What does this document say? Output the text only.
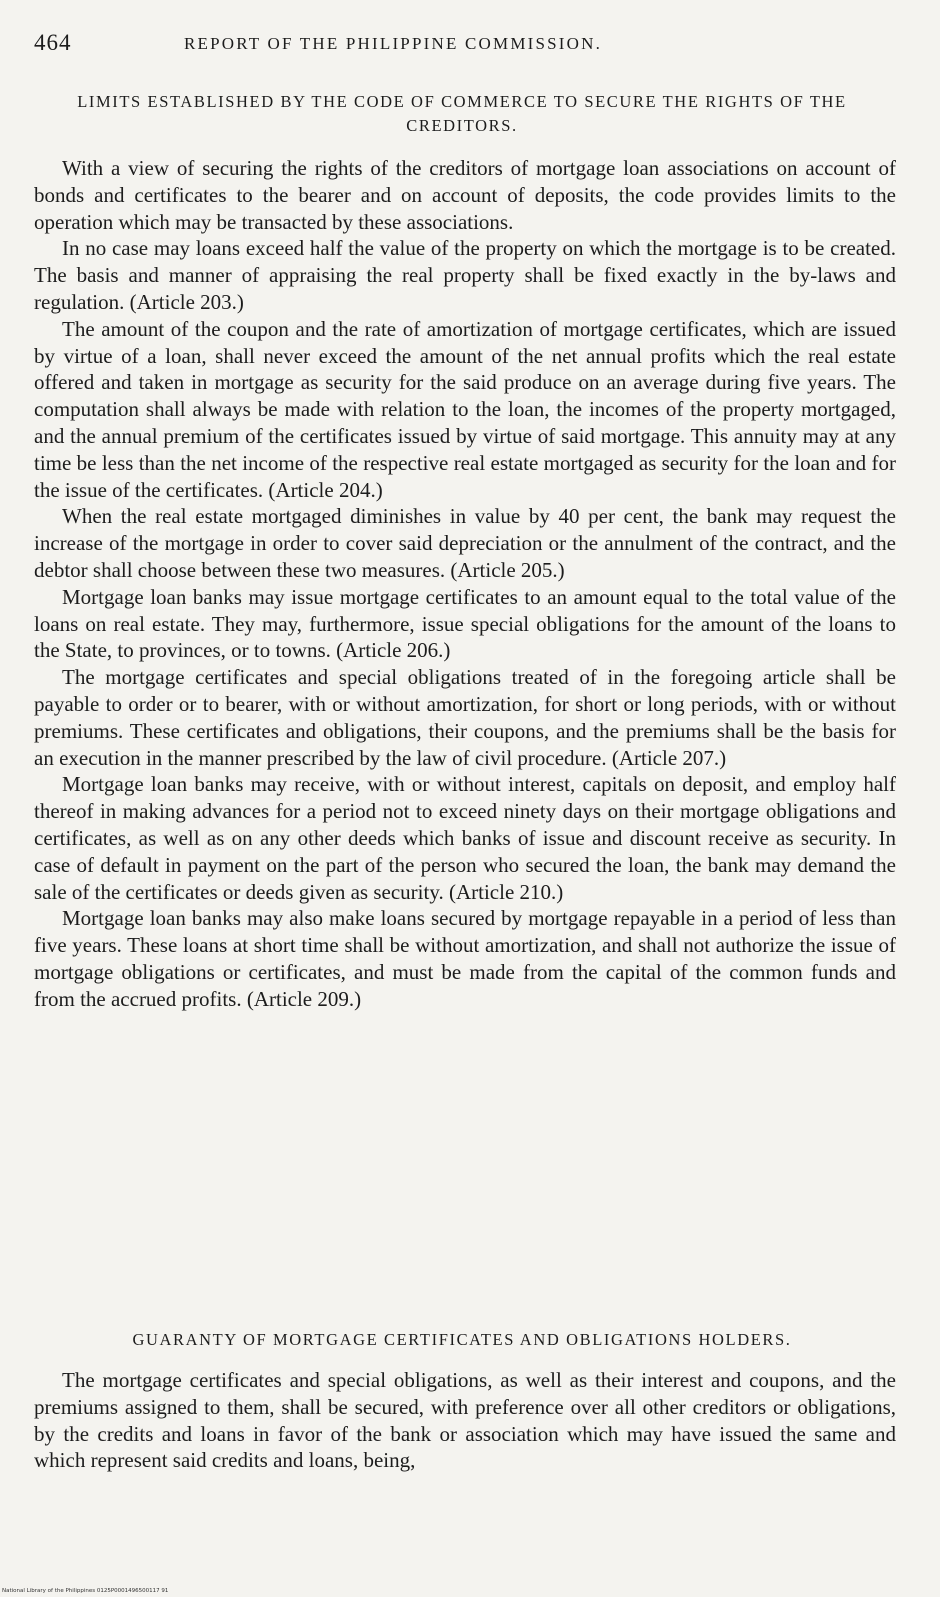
464	REPORT OF THE PHILIPPINE COMMISSION.
LIMITS ESTABLISHED BY THE CODE OF COMMERCE TO SECURE THE RIGHTS OF THE CREDITORS.

With a view of securing the rights of the creditors of mortgage loan associations on account of bonds and certificates to the bearer and on account of deposits, the code provides limits to the operation which may be transacted by these associations.

In no case may loans exceed half the value of the property on which the mortgage is to be created. The basis and manner of appraising the real property shall be fixed exactly in the by-laws and regulation. (Article 203.)

The amount of the coupon and the rate of amortization of mortgage certificates, which are issued by virtue of a loan, shall never exceed the amount of the net annual profits which the real estate offered and taken in mortgage as security for the said produce on an average during five years. The computation shall always be made with relation to the loan, the incomes of the property mortgaged, and the annual premium of the certificates issued by virtue of said mortgage. This annuity may at any time be less than the net income of the respective real estate mortgaged as security for the loan and for the issue of the certificates. (Article 204.)

When the real estate mortgaged diminishes in value by 40 per cent, the bank may request the increase of the mortgage in order to cover said depreciation or the annulment of the contract, and the debtor shall choose between these two measures. (Article 205.)

Mortgage loan banks may issue mortgage certificates to an amount equal to the total value of the loans on real estate. They may, furthermore, issue special obligations for the amount of the loans to the State, to provinces, or to towns. (Article 206.)

The mortgage certificates and special obligations treated of in the foregoing article shall be payable to order or to bearer, with or without amortization, for short or long periods, with or without premiums. These certificates and obligations, their coupons, and the premiums shall be the basis for an execution in the manner prescribed by the law of civil procedure. (Article 207.)

Mortgage loan banks may receive, with or without interest, capitals on deposit, and employ half thereof in making advances for a period not to exceed ninety days on their mortgage obligations and certificates, as well as on any other deeds which banks of issue and discount receive as security. In case of default in payment on the part of the person who secured the loan, the bank may demand the sale of the certificates or deeds given as security. (Article 210.)

Mortgage loan banks may also make loans secured by mortgage repayable in a period of less than five years. These loans at short time shall be without amortization, and shall not authorize the issue of mortgage obligations or certificates, and must be made from the capital of the common funds and from the accrued profits. (Article 209.)

GUARANTY OF MORTGAGE CERTIFICATES AND OBLIGATIONS HOLDERS.

The mortgage certificates and special obligations, as well as their interest and coupons, and the premiums assigned to them, shall be secured, with preference over all other creditors or obligations, by the credits and loans in favor of the bank or association which may have issued the same and which represent said credits and loans, being,

National Library of the Philippines 0125P0001496500117 91
